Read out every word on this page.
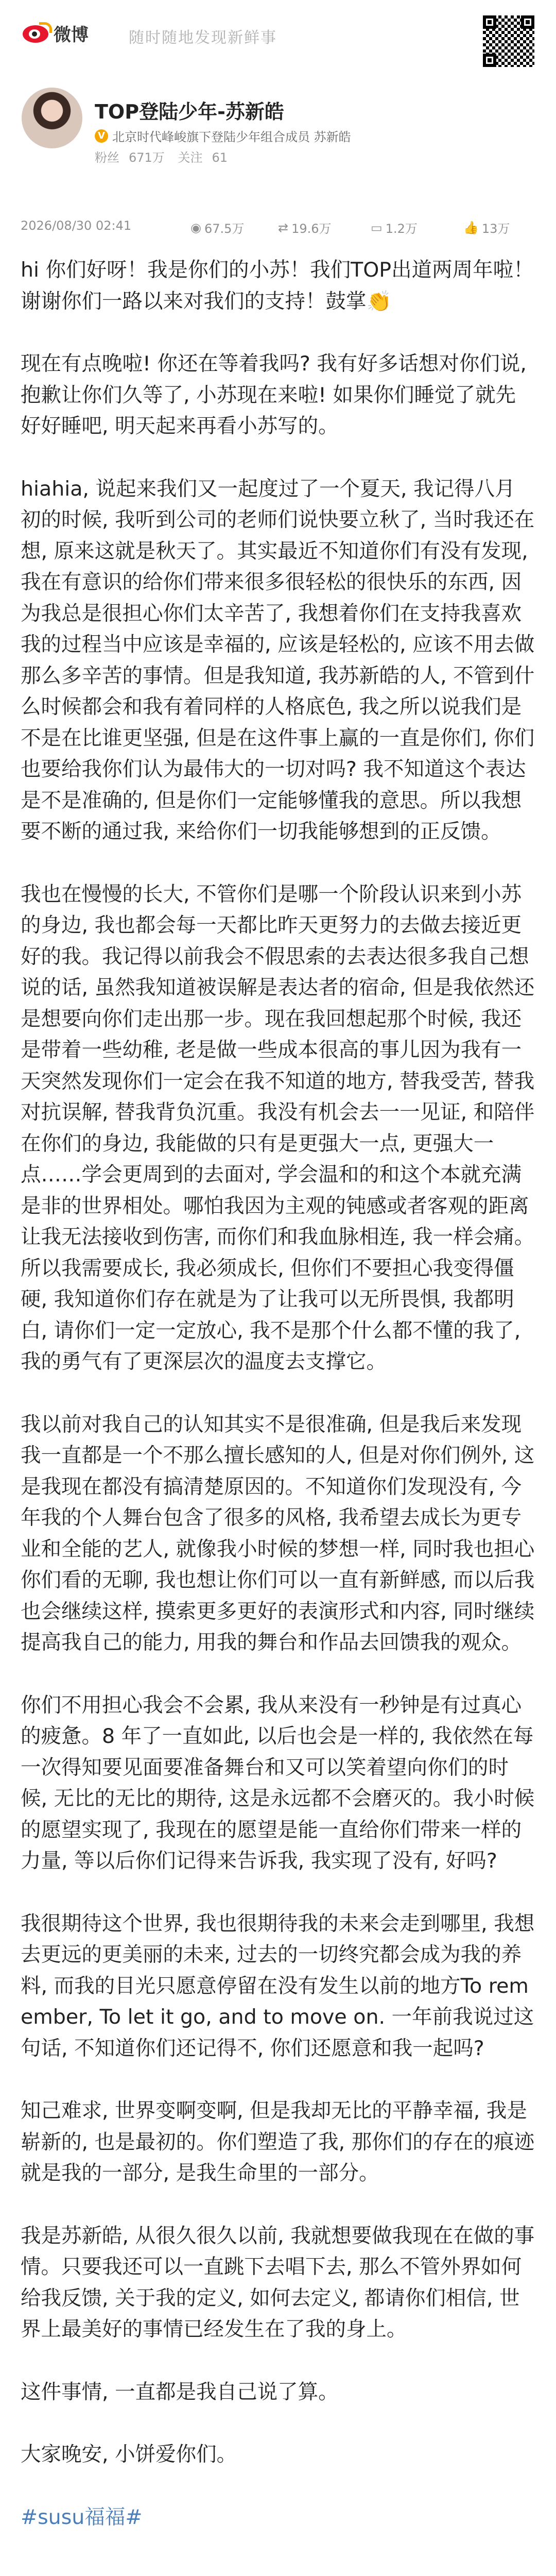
微博	随时随地发现新鲜事
TOP登陆少年-苏新皓
V 北京时代峰峻旗下登陆少年组合成员 苏新皓
粉丝 671万 关注 61
2026/08/30 02:41	◉ 67.5万	⇄ 19.6万	▭ 1.2万	👍 13万

hi 你们好呀！我是你们的小苏！我们TOP出道两周年啦！谢谢你们一路以来对我们的支持！鼓掌👏

现在有点晚啦! 你还在等着我吗? 我有好多话想对你们说, 抱歉让你们久等了, 小苏现在来啦! 如果你们睡觉了就先好好睡吧, 明天起来再看小苏写的。

hiahia, 说起来我们又一起度过了一个夏天, 我记得八月初的时候, 我听到公司的老师们说快要立秋了, 当时我还在想, 原来这就是秋天了。其实最近不知道你们有没有发现, 我在有意识的给你们带来很多很轻松的很快乐的东西, 因为我总是很担心你们太辛苦了, 我想着你们在支持我喜欢我的过程当中应该是幸福的, 应该是轻松的, 应该不用去做那么多辛苦的事情。但是我知道, 我苏新皓的人, 不管到什么时候都会和我有着同样的人格底色, 我之所以说我们是不是在比谁更坚强, 但是在这件事上赢的一直是你们, 你们也要给我你们认为最伟大的一切对吗? 我不知道这个表达是不是准确的, 但是你们一定能够懂我的意思。所以我想要不断的通过我, 来给你们一切我能够想到的正反馈。

我也在慢慢的长大, 不管你们是哪一个阶段认识来到小苏的身边, 我也都会每一天都比昨天更努力的去做去接近更好的我。我记得以前我会不假思索的去表达很多我自己想说的话, 虽然我知道被误解是表达者的宿命, 但是我依然还是想要向你们走出那一步。现在我回想起那个时候, 我还是带着一些幼稚, 老是做一些成本很高的事儿因为我有一天突然发现你们一定会在我不知道的地方, 替我受苦, 替我对抗误解, 替我背负沉重。我没有机会去一一见证, 和陪伴在你们的身边, 我能做的只有是更强大一点, 更强大一点……学会更周到的去面对, 学会温和的和这个本就充满是非的世界相处。哪怕我因为主观的钝感或者客观的距离让我无法接收到伤害, 而你们和我血脉相连, 我一样会痛。所以我需要成长, 我必须成长, 但你们不要担心我变得僵硬, 我知道你们存在就是为了让我可以无所畏惧, 我都明白, 请你们一定一定放心, 我不是那个什么都不懂的我了, 我的勇气有了更深层次的温度去支撑它。

我以前对我自己的认知其实不是很准确, 但是我后来发现我一直都是一个不那么擅长感知的人, 但是对你们例外, 这是我现在都没有搞清楚原因的。不知道你们发现没有, 今年我的个人舞台包含了很多的风格, 我希望去成长为更专业和全能的艺人, 就像我小时候的梦想一样, 同时我也担心你们看的无聊, 我也想让你们可以一直有新鲜感, 而以后我也会继续这样, 摸索更多更好的表演形式和内容, 同时继续提高我自己的能力, 用我的舞台和作品去回馈我的观众。

你们不用担心我会不会累, 我从来没有一秒钟是有过真心的疲惫。8 年了一直如此, 以后也会是一样的, 我依然在每一次得知要见面要准备舞台和又可以笑着望向你们的时候, 无比的无比的期待, 这是永远都不会磨灭的。我小时候的愿望实现了, 我现在的愿望是能一直给你们带来一样的力量, 等以后你们记得来告诉我, 我实现了没有, 好吗?

我很期待这个世界, 我也很期待我的未来会走到哪里, 我想去更远的更美丽的未来, 过去的一切终究都会成为我的养料, 而我的目光只愿意停留在没有发生以前的地方To remember, To let it go, and to move on. 一年前我说过这句话, 不知道你们还记得不, 你们还愿意和我一起吗?

知己难求, 世界变啊变啊, 但是我却无比的平静幸福, 我是崭新的, 也是最初的。你们塑造了我, 那你们的存在的痕迹就是我的一部分, 是我生命里的一部分。

我是苏新皓, 从很久很久以前, 我就想要做我现在在做的事情。只要我还可以一直跳下去唱下去, 那么不管外界如何给我反馈, 关于我的定义, 如何去定义, 都请你们相信, 世界上最美好的事情已经发生在了我的身上。

这件事情, 一直都是我自己说了算。

大家晚安, 小饼爱你们。

#susu福福#
